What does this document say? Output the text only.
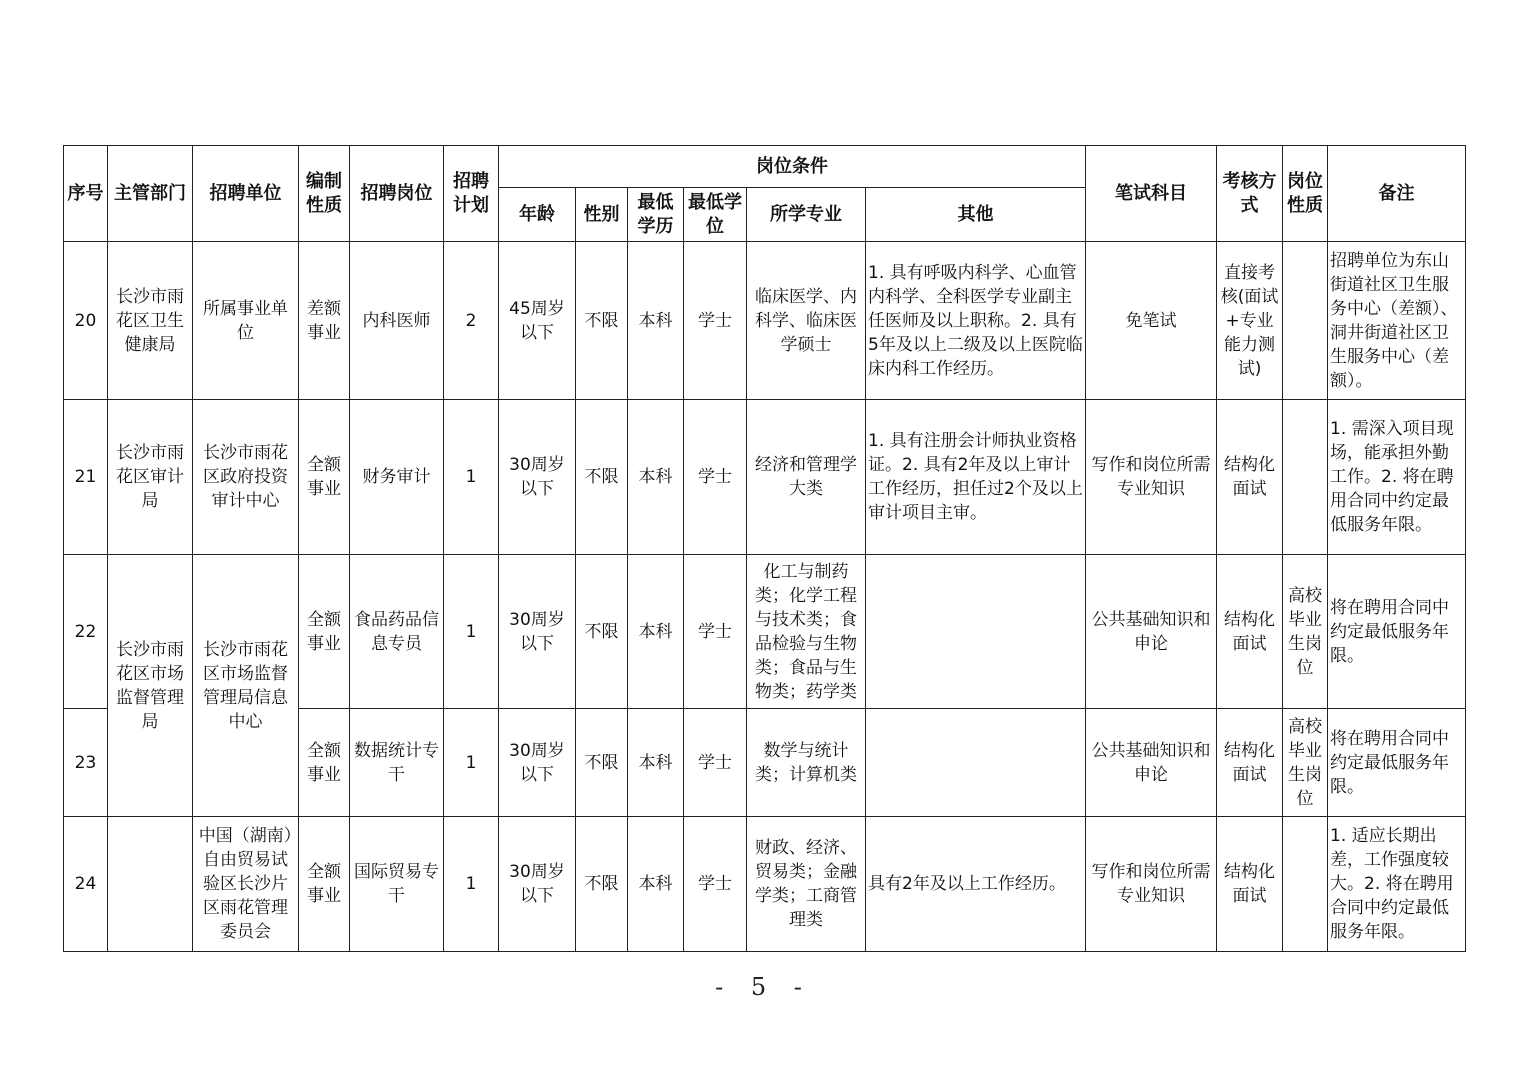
序号	主管部门	招聘单位	编制性质	招聘岗位	招聘计划	岗位条件						笔试科目	考核方式	岗位性质	备注
						年龄	性别	最低学历	最低学位	所学专业	其他				
20	长沙市雨花区卫生健康局	所属事业单位	差额事业	内科医师	2	45周岁以下	不限	本科	学士	临床医学、内科学、临床医学硕士	1. 具有呼吸内科学、心血管内科学、全科医学专业副主任医师及以上职称。2. 具有5年及以上二级及以上医院临床内科工作经历。	免笔试	直接考核(面试+专业能力测试)		招聘单位为东山街道社区卫生服务中心（差额）、洞井街道社区卫生服务中心（差额）。
21	长沙市雨花区审计局	长沙市雨花区政府投资审计中心	全额事业	财务审计	1	30周岁以下	不限	本科	学士	经济和管理学大类	1. 具有注册会计师执业资格证。2. 具有2年及以上审计工作经历，担任过2个及以上审计项目主审。	写作和岗位所需专业知识	结构化面试		1. 需深入项目现场，能承担外勤工作。2. 将在聘用合同中约定最低服务年限。
22	长沙市雨花区市场监督管理局	长沙市雨花区市场监督管理局信息中心	全额事业	食品药品信息专员	1	30周岁以下	不限	本科	学士	化工与制药类；化学工程与技术类；食品检验与生物类；食品与生物类；药学类		公共基础知识和申论	结构化面试	高校毕业生岗位	将在聘用合同中约定最低服务年限。
23			全额事业	数据统计专干	1	30周岁以下	不限	本科	学士	数学与统计类；计算机类		公共基础知识和申论	结构化面试	高校毕业生岗位	将在聘用合同中约定最低服务年限。
24		中国（湖南）自由贸易试验区长沙片区雨花管理委员会	全额事业	国际贸易专干	1	30周岁以下	不限	本科	学士	财政、经济、贸易类；金融学类；工商管理类	具有2年及以上工作经历。	写作和岗位所需专业知识	结构化面试		1. 适应长期出差，工作强度较大。2. 将在聘用合同中约定最低服务年限。
- 5 -
